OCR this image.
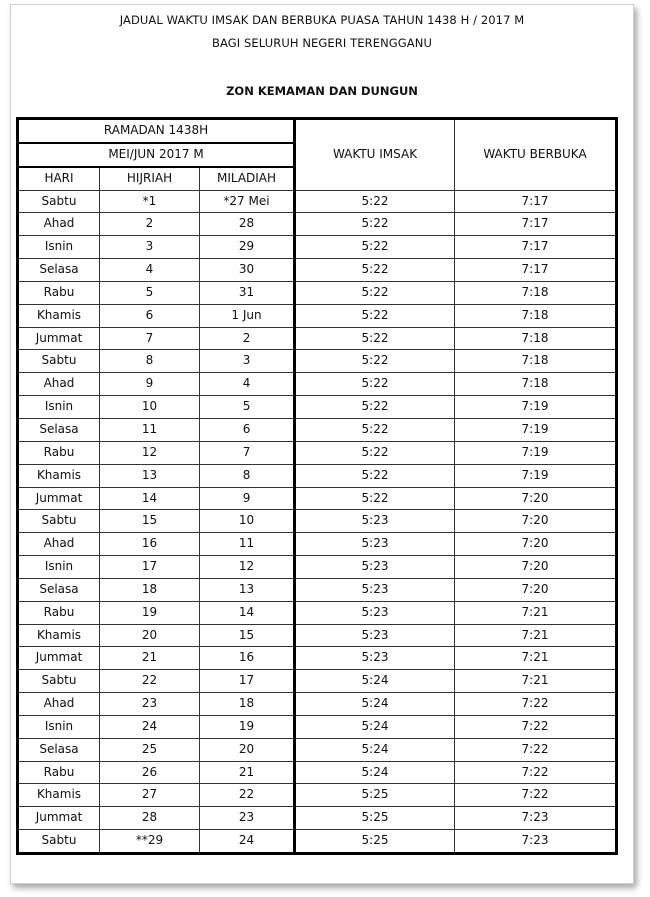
JADUAL WAKTU IMSAK DAN BERBUKA PUASA TAHUN 1438 H / 2017 M
BAGI SELURUH NEGERI TERENGGANU
ZON KEMAMAN DAN DUNGUN
RAMADAN 1438H			WAKTU IMSAK	WAKTU BERBUKA
MEI/JUN 2017 M				
HARI	HIJRIAH	MILADIAH		
Sabtu	*1	*27 Mei	5:22	7:17
Ahad	2	28	5:22	7:17
Isnin	3	29	5:22	7:17
Selasa	4	30	5:22	7:17
Rabu	5	31	5:22	7:18
Khamis	6	1 Jun	5:22	7:18
Jummat	7	2	5:22	7:18
Sabtu	8	3	5:22	7:18
Ahad	9	4	5:22	7:18
Isnin	10	5	5:22	7:19
Selasa	11	6	5:22	7:19
Rabu	12	7	5:22	7:19
Khamis	13	8	5:22	7:19
Jummat	14	9	5:22	7:20
Sabtu	15	10	5:23	7:20
Ahad	16	11	5:23	7:20
Isnin	17	12	5:23	7:20
Selasa	18	13	5:23	7:20
Rabu	19	14	5:23	7:21
Khamis	20	15	5:23	7:21
Jummat	21	16	5:23	7:21
Sabtu	22	17	5:24	7:21
Ahad	23	18	5:24	7:22
Isnin	24	19	5:24	7:22
Selasa	25	20	5:24	7:22
Rabu	26	21	5:24	7:22
Khamis	27	22	5:25	7:22
Jummat	28	23	5:25	7:23
Sabtu	**29	24	5:25	7:23
